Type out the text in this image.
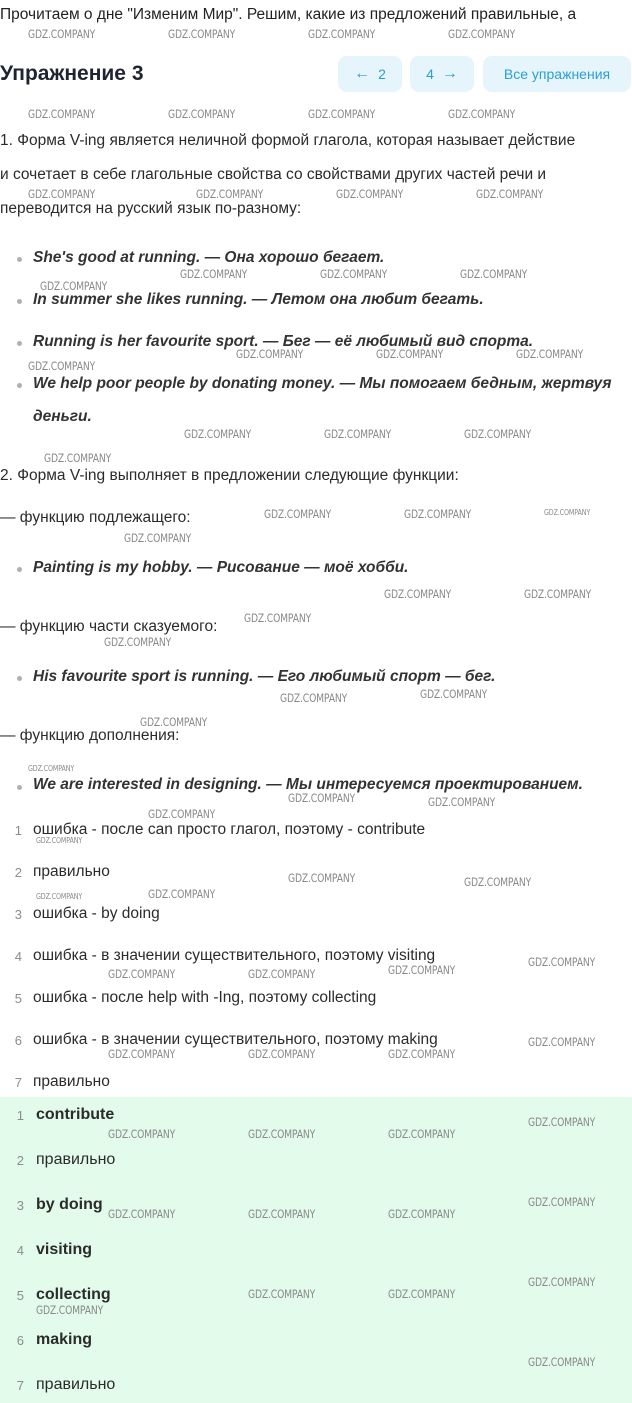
Прочитаем о дне "Изменим Мир". Решим, какие из предложений правильные, а
Упражнение 3	← 2	4 →	Все упражнения
1. Форма V-ing является неличной формой глагола, которая называет действие
и сочетает в себе глагольные свойства со свойствами других частей речи и
переводится на русский язык по-разному:
She's good at running. — Она хорошо бегает.
In summer she likes running. — Летом она любит бегать.
Running is her favourite sport. — Бег — её любимый вид спорта.
We help poor people by donating money. — Мы помогаем бедным, жертвуя
деньги.
2. Форма V-ing выполняет в предложении следующие функции:
— функцию подлежащего:
Painting is my hobby. — Рисование — моё хобби.
— функцию части сказуемого:
His favourite sport is running. — Его любимый спорт — бег.
— функцию дополнения:
We are interested in designing. — Мы интересуемся проектированием.
1 ошибка - после can просто глагол, поэтому - contribute
2 правильно
3 ошибка - by doing
4 ошибка - в значении существительного, поэтому visiting
5 ошибка - после help with -Ing, поэтому collecting
6 ошибка - в значении существительного, поэтому making
7 правильно
1 contribute
2 правильно
3 by doing
4 visiting
5 collecting
6 making
7 правильно
GDZ.COMPANY	GDZ.COMPANY	GDZ.COMPANY	GDZ.COMPANY
GDZ.COMPANY	GDZ.COMPANY	GDZ.COMPANY	GDZ.COMPANY
GDZ.COMPANY	GDZ.COMPANY	GDZ.COMPANY	GDZ.COMPANY
GDZ.COMPANY	GDZ.COMPANY	GDZ.COMPANY
GDZ.COMPANY
GDZ.COMPANY	GDZ.COMPANY	GDZ.COMPANY
GDZ.COMPANY
GDZ.COMPANY	GDZ.COMPANY	GDZ.COMPANY
GDZ.COMPANY
GDZ.COMPANY	GDZ.COMPANY	GDZ.COMPANY
GDZ.COMPANY
GDZ.COMPANY	GDZ.COMPANY
GDZ.COMPANY
GDZ.COMPANY
GDZ.COMPANY
GDZ.COMPANY
GDZ.COMPANY
GDZ.COMPANY
GDZ.COMPANY	GDZ.COMPANY
GDZ.COMPANY
GDZ.COMPANY
GDZ.COMPANY	GDZ.COMPANY
GDZ.COMPANY
GDZ.COMPANY
GDZ.COMPANY
GDZ.COMPANY
GDZ.COMPANY	GDZ.COMPANY
GDZ.COMPANY
GDZ.COMPANY	GDZ.COMPANY	GDZ.COMPANY
GDZ.COMPANY
GDZ.COMPANY	GDZ.COMPANY	GDZ.COMPANY
GDZ.COMPANY
GDZ.COMPANY	GDZ.COMPANY	GDZ.COMPANY
GDZ.COMPANY
GDZ.COMPANY	GDZ.COMPANY
GDZ.COMPANY
GDZ.COMPANY
